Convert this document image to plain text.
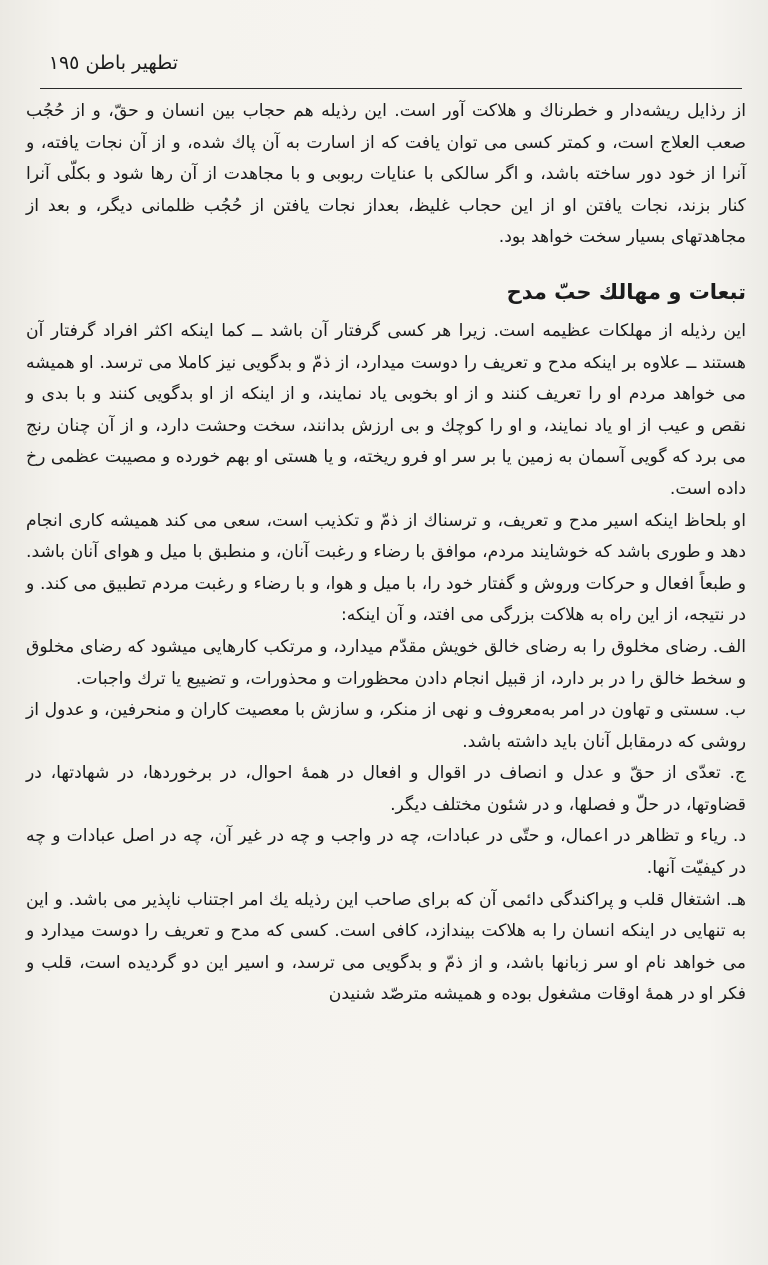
تطهیر باطن ١٩٥

از رذایل ریشه‌دار و خطرناك و هلاکت آور است. این رذیله هم حجاب بین انسان و حقّ، و از حُجُب صعب العلاج است، و کمتر کسی می توان یافت که از اسارت به آن پاك شده، و از آن نجات یافته، و آنرا از خود دور ساخته باشد، و اگر سالکی با عنایات ربوبی و با مجاهدت از آن رها شود و بکلّی آنرا کنار بزند، نجات یافتن او از این حجاب غلیظ، بعداز نجات یافتن از حُجُب ظلمانی دیگر، و بعد از مجاهدتهای بسیار سخت خواهد بود.

تبعات و مهالك حبّ مدح

این رذیله از مهلکات عظیمه است. زیرا هر کسی گرفتار آن باشد ــ کما اینکه اکثر افراد گرفتار آن هستند ــ علاوه بر اینکه مدح و تعریف را دوست میدارد، از ذمّ و بدگویی نیز کاملا می ترسد. او همیشه می خواهد مردم او را تعریف کنند و از او بخوبی یاد نمایند، و از اینکه از او بدگویی کنند و با بدی و نقص و عیب از او یاد نمایند، و او را کوچك و بی ارزش بدانند، سخت وحشت دارد، و از آن چنان رنج می برد که گویی آسمان به زمین یا بر سر او فرو ریخته، و یا هستی او بهم خورده و مصیبت عظمی رخ داده است.

او بلحاظ اینکه اسیر مدح و تعریف، و ترسناك از ذمّ و تکذیب است، سعی می کند همیشه کاری انجام دهد و طوری باشد که خوشایند مردم، موافق با رضاء و رغبت آنان، و منطبق با میل و هوای آنان باشد. و طبعاً افعال و حرکات وروش و گفتار خود را، با میل و هوا، و با رضاء و رغبت مردم تطبیق می کند. و در نتیجه، از این راه به هلاکت بزرگی می افتد، و آن اینکه:

الف. رضای مخلوق را به رضای خالق خویش مقدّم میدارد، و مرتکب کارهایی میشود که رضای مخلوق و سخط خالق را در بر دارد، از قبیل انجام دادن محظورات و محذورات، و تضییع یا ترك واجبات.

ب. سستی و تهاون در امر به‌معروف و نهی از منکر، و سازش با معصیت کاران و منحرفین، و عدول از روشی که درمقابل آنان باید داشته باشد.

ج. تعدّی از حقّ و عدل و انصاف در اقوال و افعال در همهٔ احوال، در برخوردها، در شهادتها، در قضاوتها، در حلّ و فصلها، و در شئون مختلف دیگر.

د. ریاء و تظاهر در اعمال، و حتّی در عبادات، چه در واجب و چه در غیر آن، چه در اصل عبادات و چه در کیفیّت آنها.

هـ. اشتغال قلب و پراکندگی دائمی آن که برای صاحب این رذیله یك امر اجتناب ناپذیر می باشد. و این به تنهایی در اینکه انسان را به هلاکت بیندازد، کافی است. کسی که مدح و تعریف را دوست میدارد و می خواهد نام او سر زبانها باشد، و از ذمّ و بدگویی می ترسد، و اسیر این دو گردیده است، قلب و فکر او در همهٔ اوقات مشغول بوده و همیشه مترصّد شنیدن
